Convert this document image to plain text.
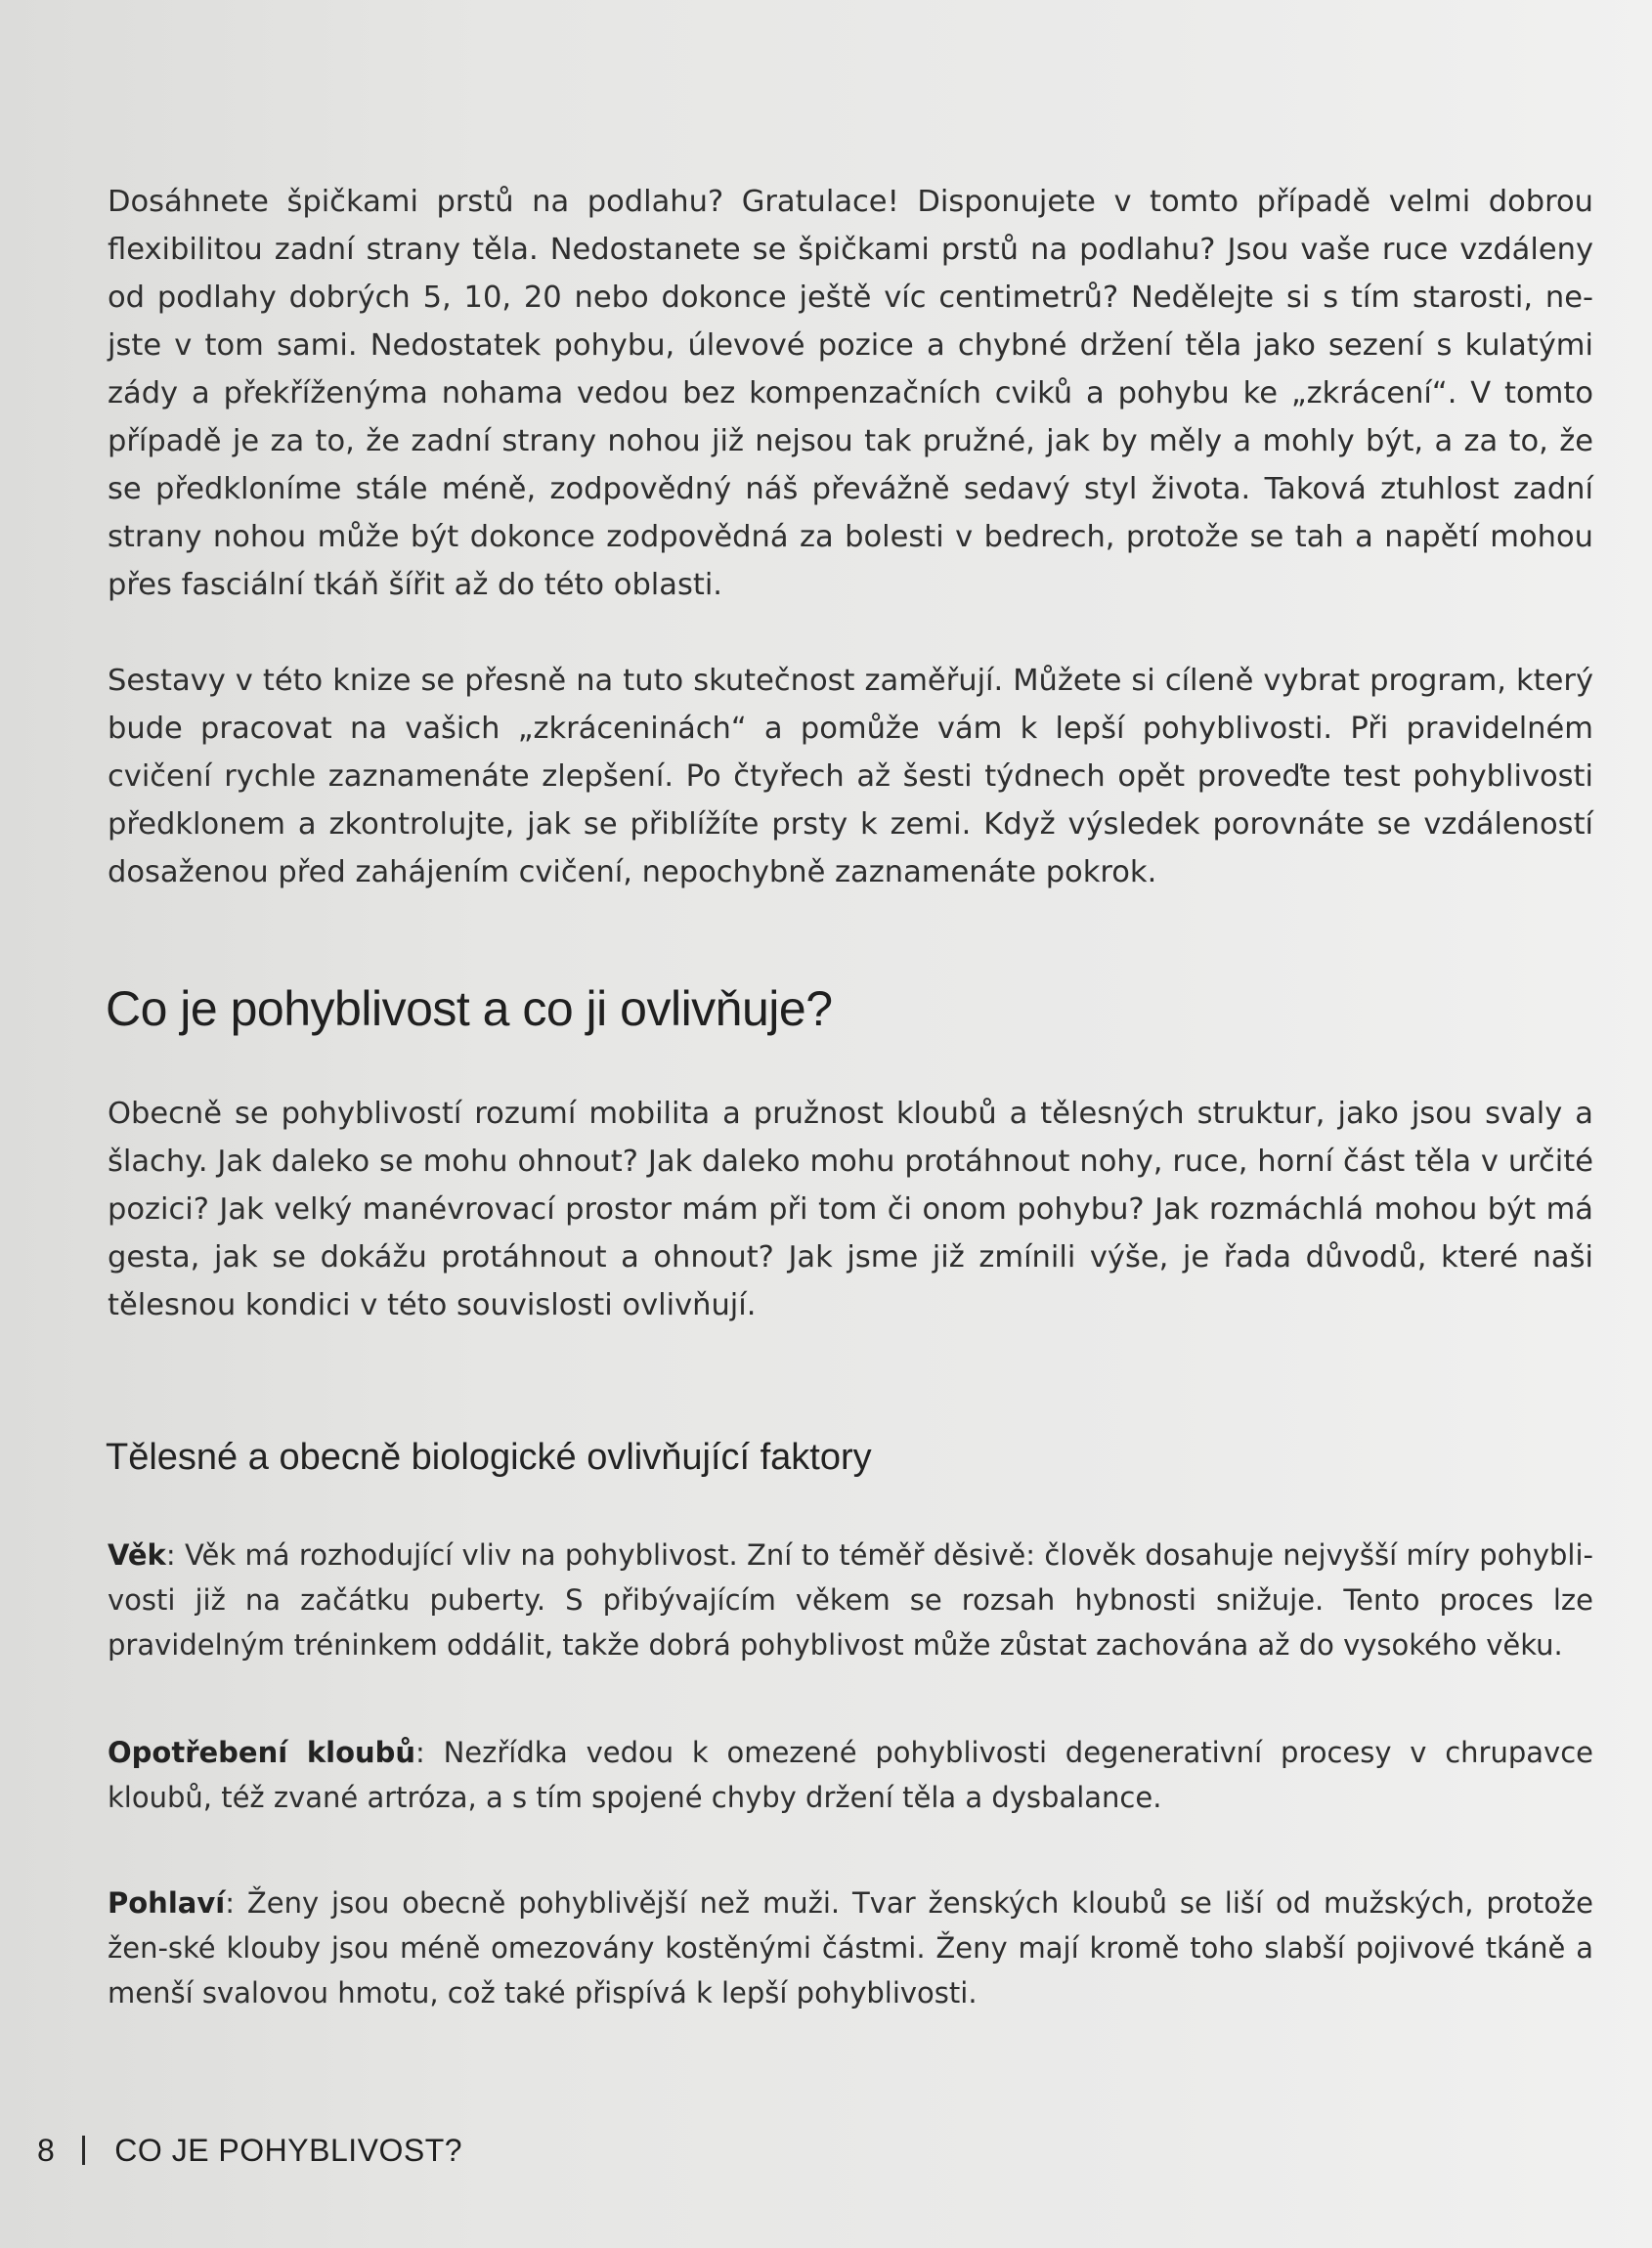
Dosáhnete špičkami prstů na podlahu? Gratulace! Disponujete v tomto případě velmi dobrou flexibilitou zadní strany těla. Nedostanete se špičkami prstů na podlahu? Jsou vaše ruce vzdáleny od podlahy dobrých 5, 10, 20 nebo dokonce ještě víc centimetrů? Nedělejte si s tím starosti, ne-jste v tom sami. Nedostatek pohybu, úlevové pozice a chybné držení těla jako sezení s kulatými zády a překříženýma nohama vedou bez kompenzačních cviků a pohybu ke „zkrácení“. V tomto případě je za to, že zadní strany nohou již nejsou tak pružné, jak by měly a mohly být, a za to, že se předkloníme stále méně, zodpovědný náš převážně sedavý styl života. Taková ztuhlost zadní strany nohou může být dokonce zodpovědná za bolesti v bedrech, protože se tah a napětí mohou přes fasciální tkáň šířit až do této oblasti.

Sestavy v této knize se přesně na tuto skutečnost zaměřují. Můžete si cíleně vybrat program, který bude pracovat na vašich „zkráceninách“ a pomůže vám k lepší pohyblivosti. Při pravidelném cvičení rychle zaznamenáte zlepšení. Po čtyřech až šesti týdnech opět proveďte test pohyblivosti předklonem a zkontrolujte, jak se přiblížíte prsty k zemi. Když výsledek porovnáte se vzdáleností dosaženou před zahájením cvičení, nepochybně zaznamenáte pokrok.

Co je pohyblivost a co ji ovlivňuje?

Obecně se pohyblivostí rozumí mobilita a pružnost kloubů a tělesných struktur, jako jsou svaly a šlachy. Jak daleko se mohu ohnout? Jak daleko mohu protáhnout nohy, ruce, horní část těla v určité pozici? Jak velký manévrovací prostor mám při tom či onom pohybu? Jak rozmáchlá mohou být má gesta, jak se dokážu protáhnout a ohnout? Jak jsme již zmínili výše, je řada důvodů, které naši tělesnou kondici v této souvislosti ovlivňují.

Tělesné a obecně biologické ovlivňující faktory

Věk: Věk má rozhodující vliv na pohyblivost. Zní to téměř děsivě: člověk dosahuje nejvyšší míry pohybli-vosti již na začátku puberty. S přibývajícím věkem se rozsah hybnosti snižuje. Tento proces lze pravidelným tréninkem oddálit, takže dobrá pohyblivost může zůstat zachována až do vysokého věku.

Opotřebení kloubů: Nezřídka vedou k omezené pohyblivosti degenerativní procesy v chrupavce kloubů, též zvané artróza, a s tím spojené chyby držení těla a dysbalance.

Pohlaví: Ženy jsou obecně pohyblivější než muži. Tvar ženských kloubů se liší od mužských, protože žen-ské klouby jsou méně omezovány kostěnými částmi. Ženy mají kromě toho slabší pojivové tkáně a menší svalovou hmotu, což také přispívá k lepší pohyblivosti.

8 CO JE POHYBLIVOST?
